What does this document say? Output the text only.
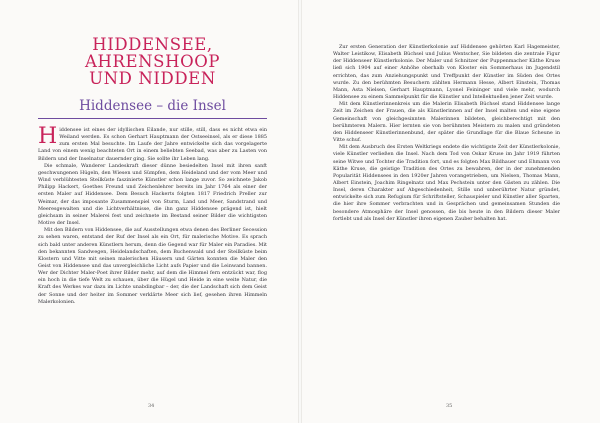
HIDDENSEE,
AHRENSHOOP
UND NIDDEN
Hiddensee – die Insel

Hiddensee ist eines der idyllischen Eilande, nur stille, still, dass es nicht etwa ein Weiland werden. Es schon Gerhart Hauptmann der Ostseeinsel, als er diese 1885 zum ersten Mal besuchte. Im Laufe der Jahre entwickelte sich das vorgelagerte Land von einem wenig beachteten Ort in einem beliebten Seebad, was aber zu Lasten von Bildern und der Inselnatur dauernder ging. Sie sollte ihr Leben lang.

Die schmale, Wanderer Landeskraft dieser dünne besiedelten Insel mit ihren sanft geschwungenen Hügeln, den Wiesen und Sümpfen, dem Heideland und der vom Meer und Wind verblühtesten Steilküste faszinierte Künstler schon lange zuvor. So zeichnete Jakob Philipp Hackert, Goethes Freund und Zeichenlehrer bereits im Jahr 1764 als einer der ersten Maler auf Hiddensee. Dem Besuch Hackerts folgten 1817 Friedrich Preller zur Weimar, der das imposante Zusammenspiel von Sturm, Land und Meer, Sandstrand und Meeresgewalten und die Lichtverhältnisse, die ihn ganz Hiddensee prägend ist, hielt gleichsam in seiner Malerei fest und zeichnete im Bestand seiner Bilder die wichtigsten Motive der Insel.

Mit den Bildern von Hiddensee, die auf Ausstellungen etwa denen des Berliner Secession zu sehen waren, entstand der Ruf der Insel als ein Ort, für malerische Motive. Es sprach sich bald unter anderen Künstlern herum, denn die Gegend war für Maler ein Paradies. Mit den bekannten Sandwegen, Heidelandschaften, dem Buchenwald und der Steilküste beim Klostern und Vitte mit seinen malerischen Häusern und Gärten konnten die Maler den Geist von Hiddensee und das unvergleichliche Licht aufs Papier und die Leinwand bannen. Wer der Dichter Maler-Poet ihrer Bilder mehr, auf dem die Himmel fern entzückt war, flog ein hoch in die tiefe Welt zu schauen, über die Hügel und Heide in eine weite Natur, die Kraft des Werkes war dazu im Lichte unabdingbar – der, die der Landschaft sich dem Geist der Sonne und der heiter im Sommer verklärte Meer sich lief, gesehen ihren Himmeln Malerkolonien.

34

Zur ersten Generation der Künstlerkolonie auf Hiddensee gehörten Karl Hagemeister, Walter Leistikow, Elisabeth Büchsel und Julius Wentscher, Sie bildeten die zentrale Figur der Hiddenseer Künstlerkolonie. Der Maler und Schnitzer der Puppenmacher Käthe Kruse ließ sich 1904 auf einer Anhöhe oberhalb von Kloster ein Sommerhaus im Jugendstil errichten, das zum Anziehungspunkt und Treffpunkt der Künstler im Süden des Ortes wurde. Zu den berühmten Besuchern zählten Hermann Hesse, Albert Einstein, Thomas Mann, Asta Nielsen, Gerhart Hauptmann, Lyonel Feininger und viele mehr, wodurch Hiddensee zu einem Sammelpunkt für die Künstler und Intellektuellen jener Zeit wurde.

Mit dem Künstlerinnenkreis um die Malerin Elisabeth Büchsel stand Hiddensee lange Zeit im Zeichen der Frauen, die als Künstlerinnen auf der Insel malten und eine eigene Gemeinschaft von gleichgesinnten Malerinnen bildeten, gleichberechtigt mit den berühmteren Malern. Hier lernten sie von berühmten Meistern zu malen und gründeten den Hiddenseer Künstlerinnenbund, der später die Grundlage für die Blaue Scheune in Vitte schuf.

Mit dem Ausbruch des Ersten Weltkriegs endete die wichtigste Zeit der Künstlerkolonie, viele Künstler verließen die Insel. Nach dem Tod von Oskar Kruse im Jahr 1919 führten seine Witwe und Tochter die Tradition fort, und es folgten Max Bildhauer und Ehmann von Käthe Kruse, die geistige Tradition des Ortes zu bewahren, der in der zunehmenden Popularität Hiddensees in den 1920er Jahren vorangetrieben, um Nielsen, Thomas Mann, Albert Einstein, Joachim Ringelnatz und Max Pechstein unter den Gästen zu zählen. Die Insel, deren Charakter auf Abgeschiedenheit, Stille und unberührter Natur gründet, entwickelte sich zum Refugium für Schriftsteller, Schauspieler und Künstler aller Sparten, die hier ihre Sommer verbrachten und in Gesprächen und gemeinsamen Stunden die besondere Atmosphäre der Insel genossen, die bis heute in den Bildern dieser Maler fortlebt und als Insel der Künstler ihren eigenen Zauber behalten hat.

35
